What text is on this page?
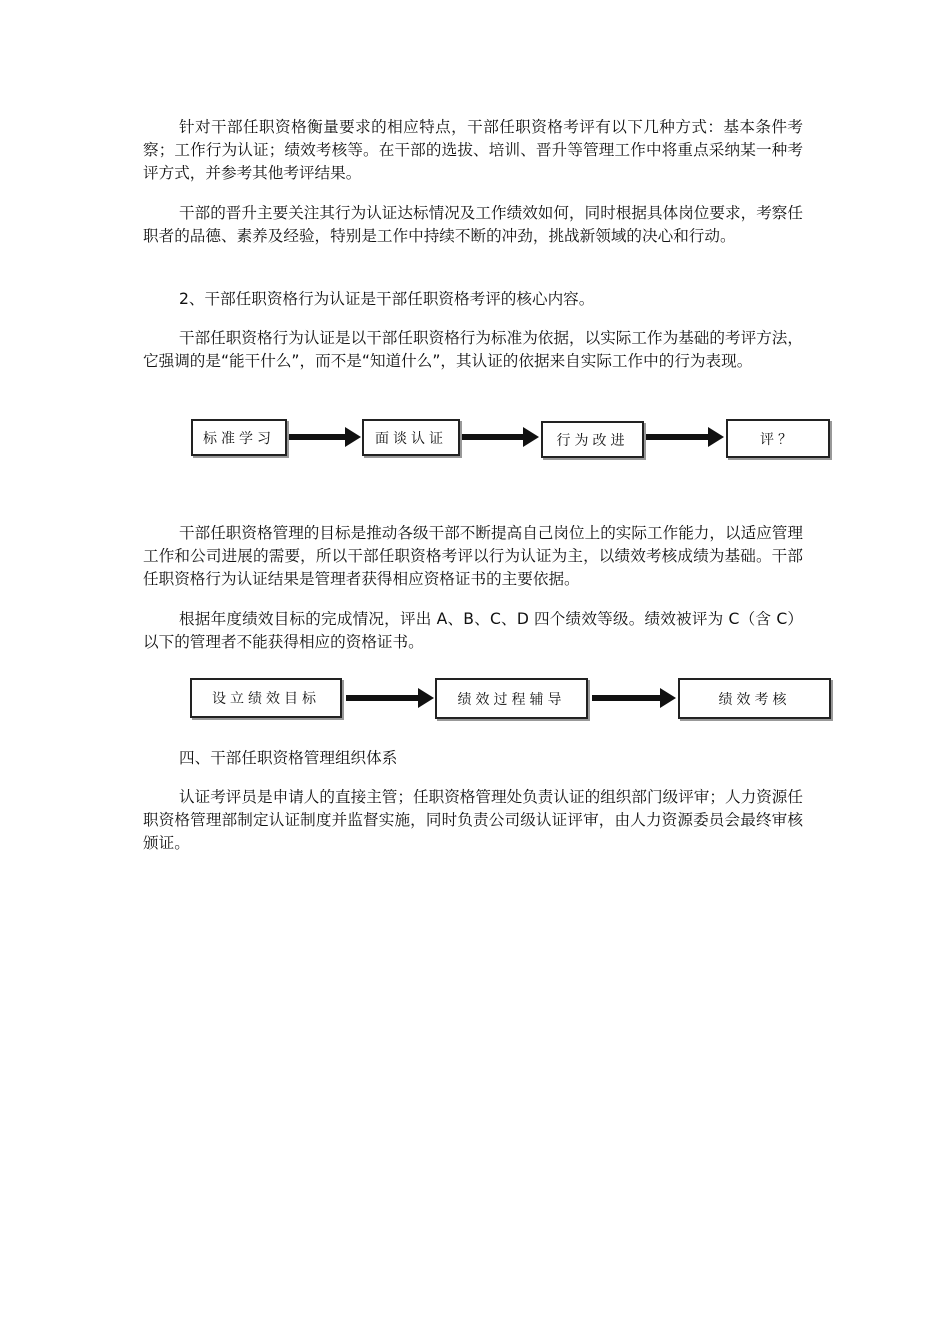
针对干部任职资格衡量要求的相应特点，干部任职资格考评有以下几种方式：基本条件考察；工作行为认证；绩效考核等。在干部的选拔、培训、晋升等管理工作中将重点采纳某一种考评方式，并参考其他考评结果。

干部的晋升主要关注其行为认证达标情况及工作绩效如何，同时根据具体岗位要求，考察任职者的品德、素养及经验，特别是工作中持续不断的冲劲，挑战新领域的决心和行动。

2、干部任职资格行为认证是干部任职资格考评的核心内容。

干部任职资格行为认证是以干部任职资格行为标准为依据，以实际工作为基础的考评方法，它强调的是“能干什么”，而不是“知道什么”，其认证的依据来自实际工作中的行为表现。

标准学习	面谈认证	行为改进	评？

干部任职资格管理的目标是推动各级干部不断提高自己岗位上的实际工作能力，以适应管理工作和公司进展的需要，所以干部任职资格考评以行为认证为主，以绩效考核成绩为基础。干部任职资格行为认证结果是管理者获得相应资格证书的主要依据。

根据年度绩效目标的完成情况，评出 A、B、C、D 四个绩效等级。绩效被评为 C（含 C）以下的管理者不能获得相应的资格证书。

设立绩效目标	绩效过程辅导	绩效考核

四、干部任职资格管理组织体系

认证考评员是申请人的直接主管；任职资格管理处负责认证的组织部门级评审；人力资源任职资格管理部制定认证制度并监督实施，同时负责公司级认证评审，由人力资源委员会最终审核颁证。
